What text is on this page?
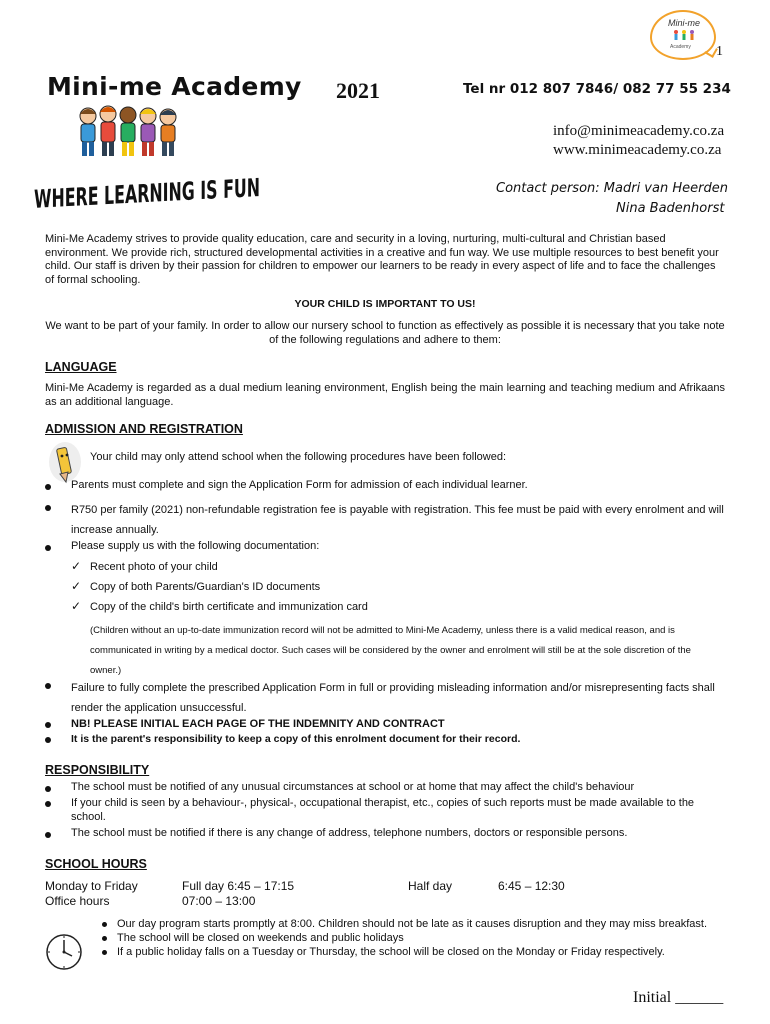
Mini-me
Academy 1
Mini-me Academy 2021	Tel nr 012 807 7846/ 082 77 55 234
info@minimeacademy.co.za
www.minimeacademy.co.za
Contact person: Madri van Heerden
Nina Badenhorst
WHERE LEARNING IS FUN
Mini-Me Academy strives to provide quality education, care and security in a loving, nurturing, multi-cultural and Christian based environment. We provide rich, structured developmental activities in a creative and fun way. We use multiple resources to best benefit your child. Our staff is driven by their passion for children to empower our learners to be ready in every aspect of life and to face the challenges of formal schooling.
YOUR CHILD IS IMPORTANT TO US!
We want to be part of your family. In order to allow our nursery school to function as effectively as possible it is necessary that you take note of the following regulations and adhere to them:
LANGUAGE
Mini-Me Academy is regarded as a dual medium leaning environment, English being the main learning and teaching medium and Afrikaans as an additional language.
ADMISSION AND REGISTRATION
Your child may only attend school when the following procedures have been followed:
Parents must complete and sign the Application Form for admission of each individual learner.
R750 per family (2021) non-refundable registration fee is payable with registration. This fee must be paid with every enrolment and will increase annually.
Please supply us with the following documentation:
✓ Recent photo of your child
✓ Copy of both Parents/Guardian's ID documents
✓ Copy of the child's birth certificate and immunization card
(Children without an up-to-date immunization record will not be admitted to Mini-Me Academy, unless there is a valid medical reason, and is communicated in writing by a medical doctor. Such cases will be considered by the owner and enrolment will still be at the sole discretion of the owner.)
Failure to fully complete the prescribed Application Form in full or providing misleading information and/or misrepresenting facts shall render the application unsuccessful.
NB! PLEASE INITIAL EACH PAGE OF THE INDEMNITY AND CONTRACT
It is the parent's responsibility to keep a copy of this enrolment document for their record.
RESPONSIBILITY
The school must be notified of any unusual circumstances at school or at home that may affect the child's behaviour
If your child is seen by a behaviour-, physical-, occupational therapist, etc., copies of such reports must be made available to the school.
The school must be notified if there is any change of address, telephone numbers, doctors or responsible persons.
SCHOOL HOURS
Monday to Friday	Full day 6:45 – 17:15	Half day	6:45 – 12:30
Office hours	07:00 – 13:00
Our day program starts promptly at 8:00. Children should not be late as it causes disruption and they may miss breakfast.
The school will be closed on weekends and public holidays
If a public holiday falls on a Tuesday or Thursday, the school will be closed on the Monday or Friday respectively.
Initial ______
